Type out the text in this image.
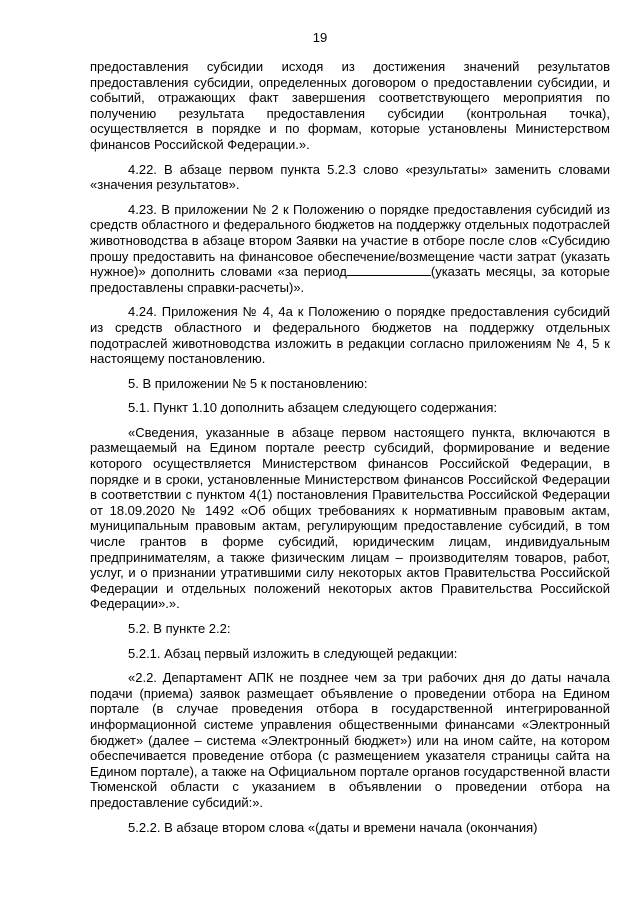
19

предоставления субсидии исходя из достижения значений результатов предоставления субсидии, определенных договором о предоставлении субсидии, и событий, отражающих факт завершения соответствующего мероприятия по получению результата предоставления субсидии (контрольная точка), осуществляется в порядке и по формам, которые установлены Министерством финансов Российской Федерации.».

4.22. В абзаце первом пункта 5.2.3 слово «результаты» заменить словами «значения результатов».

4.23. В приложении № 2 к Положению о порядке предоставления субсидий из средств областного и федерального бюджетов на поддержку отдельных подотраслей животноводства в абзаце втором Заявки на участие в отборе после слов «Субсидию прошу предоставить на финансовое обеспечение/возмещение части затрат (указать нужное)» дополнить словами «за период	(указать месяцы, за которые предоставлены справки-расчеты)».

4.24. Приложения № 4, 4а к Положению о порядке предоставления субсидий из средств областного и федерального бюджетов на поддержку отдельных подотраслей животноводства изложить в редакции согласно приложениям № 4, 5 к настоящему постановлению.

5. В приложении № 5 к постановлению:

5.1. Пункт 1.10 дополнить абзацем следующего содержания:

«Сведения, указанные в абзаце первом настоящего пункта, включаются в размещаемый на Едином портале реестр субсидий, формирование и ведение которого осуществляется Министерством финансов Российской Федерации, в порядке и в сроки, установленные Министерством финансов Российской Федерации в соответствии с пунктом 4(1) постановления Правительства Российской Федерации от 18.09.2020 № 1492 «Об общих требованиях к нормативным правовым актам, муниципальным правовым актам, регулирующим предоставление субсидий, в том числе грантов в форме субсидий, юридическим лицам, индивидуальным предпринимателям, а также физическим лицам – производителям товаров, работ, услуг, и о признании утратившими силу некоторых актов Правительства Российской Федерации и отдельных положений некоторых актов Правительства Российской Федерации».».

5.2. В пункте 2.2:

5.2.1. Абзац первый изложить в следующей редакции:

«2.2. Департамент АПК не позднее чем за три рабочих дня до даты начала подачи (приема) заявок размещает объявление о проведении отбора на Едином портале (в случае проведения отбора в государственной интегрированной информационной системе управления общественными финансами «Электронный бюджет» (далее – система «Электронный бюджет») или на ином сайте, на котором обеспечивается проведение отбора (с размещением указателя страницы сайта на Едином портале), а также на Официальном портале органов государственной власти Тюменской области с указанием в объявлении о проведении отбора на предоставление субсидий:».

5.2.2. В абзаце втором слова «(даты и времени начала (окончания)
